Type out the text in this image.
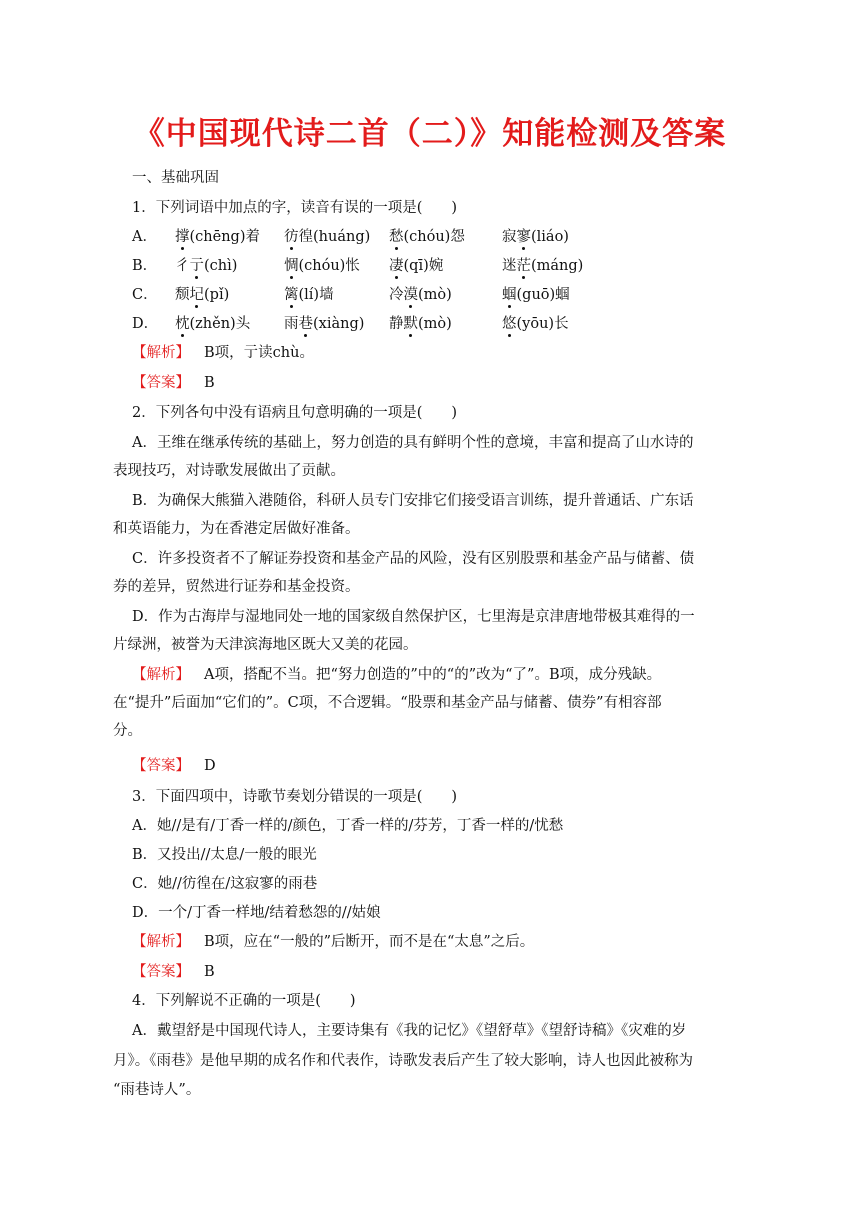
《中国现代诗二首（二）》知能检测及答案
一、基础巩固
1．下列词语中加点的字，读音有误的一项是(　　)
A． 撑(chēng)着 彷徨(huáng) 愁(chóu)怨	寂寥(liáo)
B． 彳亍(chì)	惆(chóu)怅 凄(qī)婉	迷茫(máng)
C． 颓圮(pǐ)	篱(lí)墙	冷漠(mò)	蝈(guō)蝈
D． 枕(zhěn)头 雨巷(xiàng) 静默(mò)	悠(yōu)长
【解析】 B项，亍读chù。
【答案】 B
2．下列各句中没有语病且句意明确的一项是(　　)
A．王维在继承传统的基础上，努力创造的具有鲜明个性的意境，丰富和提高了山水诗的
表现技巧，对诗歌发展做出了贡献。
B．为确保大熊猫入港随俗，科研人员专门安排它们接受语言训练，提升普通话、广东话
和英语能力，为在香港定居做好准备。
C．许多投资者不了解证券投资和基金产品的风险，没有区别股票和基金产品与储蓄、债
券的差异，贸然进行证券和基金投资。
D．作为古海岸与湿地同处一地的国家级自然保护区，七里海是京津唐地带极其难得的一
片绿洲，被誉为天津滨海地区既大又美的花园。
【解析】 A项，搭配不当。把“努力创造的”中的“的”改为“了”。B项，成分残缺。
在“提升”后面加“它们的”。C项，不合逻辑。“股票和基金产品与储蓄、债券”有相容部
分。
【答案】 D
3．下面四项中，诗歌节奏划分错误的一项是(　　)
A．她//是有/丁香一样的/颜色，丁香一样的/芬芳，丁香一样的/忧愁
B．又投出//太息/一般的眼光
C．她//彷徨在/这寂寥的雨巷
D．一个/丁香一样地/结着愁怨的//姑娘
【解析】 B项，应在“一般的”后断开，而不是在“太息”之后。
【答案】 B
4．下列解说不正确的一项是(　　)
A．戴望舒是中国现代诗人，主要诗集有《我的记忆》《望舒草》《望舒诗稿》《灾难的岁
月》。《雨巷》是他早期的成名作和代表作，诗歌发表后产生了较大影响，诗人也因此被称为
“雨巷诗人”。
